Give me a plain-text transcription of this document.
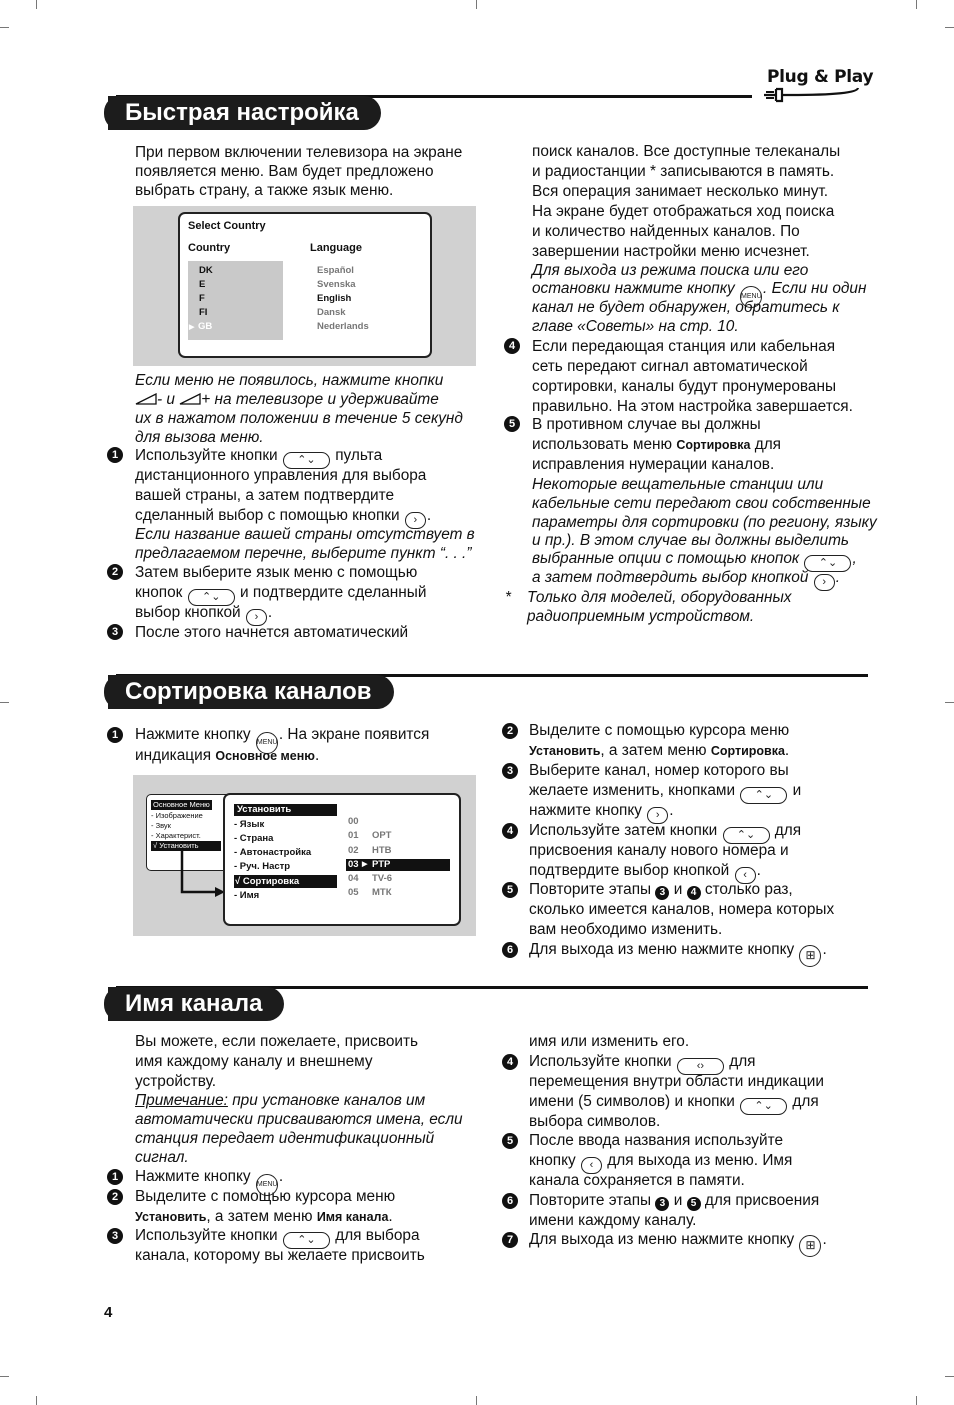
Plug & Play
Быстрая настройка
При первом включении телевизора на экране
появляется меню. Вам будет предложено
выбрать страну, а также язык меню.
Select Country
Country	Language
DK
E
F
FI
▶ GB
Español
Svenska
English
Dansk
Nederlands
Если меню не появилось, нажмите кнопки
- и + на телевизоре и удерживайте
их в нажатом положении в течение 5 секунд
для вызова меню.
1	Используйте кнопки ⌃⌄ пульта
дистанционного управления для выбора
вашей страны, а затем подтвердите
сделанный выбор с помощью кнопки › .
Если название вашей страны отсутствует в
предлагаемом перечне, выберите пункт “. . .”
2	Затем выберите язык меню с помощью
кнопок ⌃⌄ и подтвердите сделанный
выбор кнопкой › .
3	После этого начнется автоматический
поиск каналов. Все доступные телеканалы
и радиостанции * записываются в память.
Вся операция занимает несколько минут.
На экране будет отображаться ход поиска
и количество найденных каналов. По
завершении настройки меню исчезнет.
Для выхода из режима поиска или его
остановки нажмите кнопку MENU. Если ни один
канал не будет обнаружен, обратитесь к
главе «Советы» на стр. 10.
4	Если передающая станция или кабельная
сеть передают сигнал автоматической
сортировки, каналы будут пронумерованы
правильно. На этом настройка завершается.
5	В противном случае вы должны
использовать меню Сортировка для
исправления нумерации каналов.
Некоторые вещательные станции или
кабельные сети передают свои собственные
параметры для сортировки (по региону, языку
и пр.). В этом случае вы должны выделить
выбранные опции с помощью кнопок ⌃⌄ ,
а затем подтвердить выбор кнопкой › .
* Только для моделей, оборудованных
радиоприемным устройством.
Сортировка каналов
1	Нажмите кнопку MENU. На экране появится
индикация Основное меню.
Основное Меню
- Изображение
- Звук
- Характерист.
√ Установить
Установить
- Язык
- Страна
- Автонастройка
- Руч. Настр
√ Сортировка
- Имя
00
01 ОРТ
02 НТВ
03 ▶ РТР
04 TV-6
05 МТК
2	Выделите с помощью курсора меню
Установить, а затем меню Сортировка.
3	Выберите канал, номер которого вы
желаете изменить, кнопками ⌃⌄ и
нажмите кнопку › .
4	Используйте затем кнопки ⌃⌄ для
присвоения каналу нового номера и
подтвердите выбор кнопкой ‹ .
5	Повторите этапы 3 и 4 столько раз,
сколько имеется каналов, номера которых
вам необходимо изменить.
6	Для выхода из меню нажмите кнопку ⊞ .
Имя канала
Вы можете, если пожелаете, присвоить
имя каждому каналу и внешнему
устройству.
Примечание: при установке каналов им
автоматически присваиваются имена, если
станция передает идентификационный
сигнал.
1	Нажмите кнопку MENU.
2	Выделите с помощью курсора меню
Установить, а затем меню Имя канала.
3	Используйте кнопки ⌃⌄ для выбора
канала, которому вы желаете присвоить
имя или изменить его.
4	Используйте кнопки ‹› для
перемещения внутри области индикации
имени (5 символов) и кнопки ⌃⌄ для
выбора символов.
5	После ввода названия используйте
кнопку ‹ для выхода из меню. Имя
канала сохраняется в памяти.
6	Повторите этапы 3 и 5 для присвоения
имени каждому каналу.
7	Для выхода из меню нажмите кнопку ⊞ .
4
